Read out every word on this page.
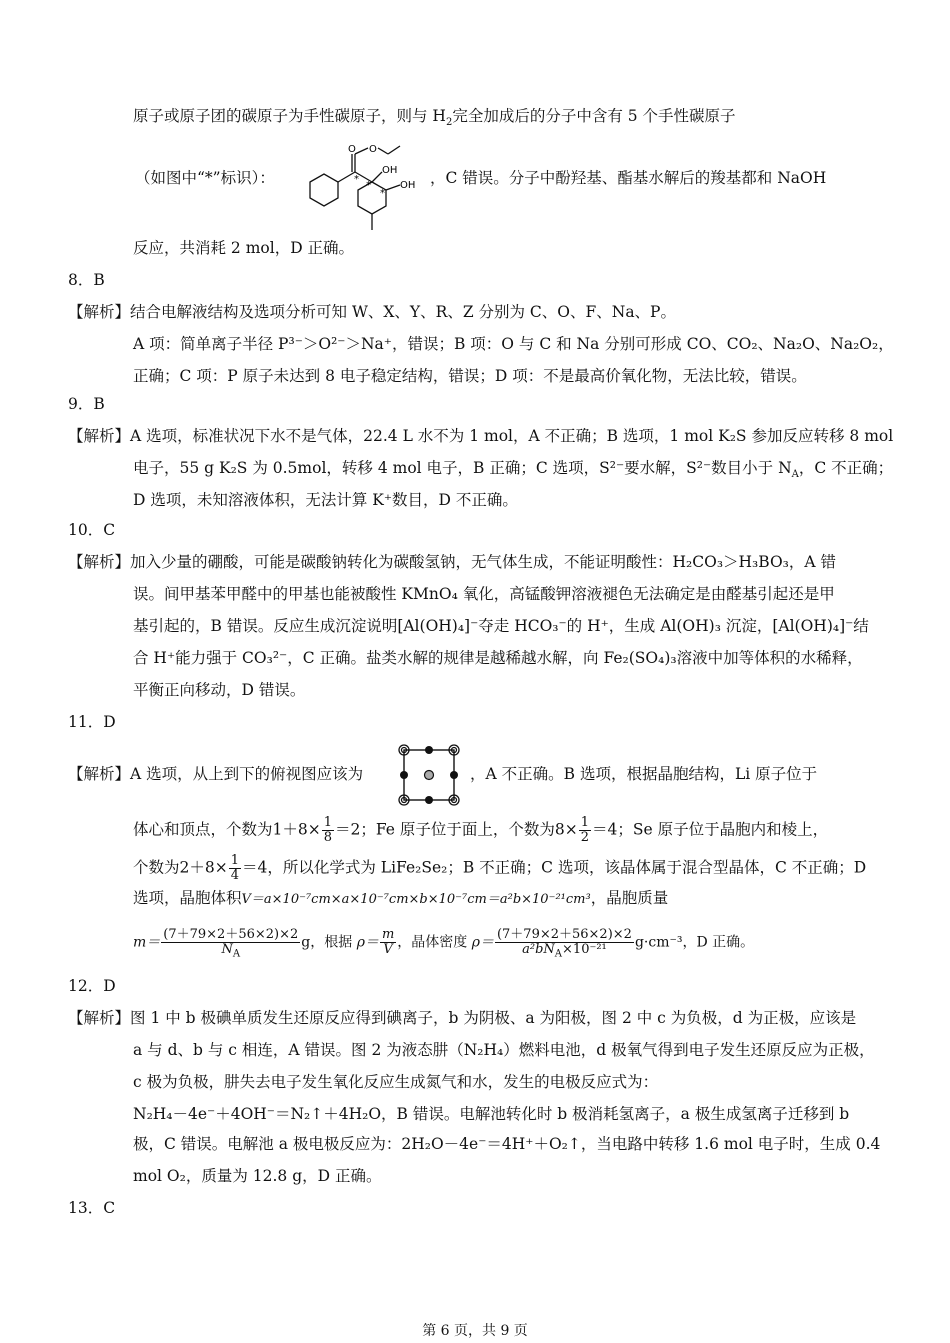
原子或原子团的碳原子为手性碳原子，则与 $H_2$完全加成后的分子中含有 5 个手性碳原子
（如图中“*”标识）：
O O
OH
OH
*
*
*
，C 错误。分子中酚羟基、酯基水解后的羧基都和 NaOH
反应，共消耗 2 mol，D 正确。
8．B
【解析】结合电解液结构及选项分析可知 W、X、Y、R、Z 分别为 C、O、F、Na、P。
A 项：简单离子半径 P³⁻＞O²⁻＞Na⁺，错误；B 项：O 与 C 和 Na 分别可形成 CO、CO₂、Na₂O、Na₂O₂，
正确；C 项：P 原子未达到 8 电子稳定结构，错误；D 项：不是最高价氧化物，无法比较，错误。
9．B
【解析】A 选项，标准状况下水不是气体，22.4 L 水不为 1 mol，A 不正确；B 选项，1 mol K₂S 参加反应转移 8 mol
电子，55 g K₂S 为 0.5mol，转移 4 mol 电子，B 正确；C 选项，S²⁻要水解，S²⁻数目小于 $N_A$，C 不正确；
D 选项，未知溶液体积，无法计算 K⁺数目，D 不正确。
10．C
【解析】加入少量的硼酸，可能是碳酸钠转化为碳酸氢钠，无气体生成，不能证明酸性：H₂CO₃＞H₃BO₃，A 错
误。间甲基苯甲醛中的甲基也能被酸性 KMnO₄ 氧化，高锰酸钾溶液褪色无法确定是由醛基引起还是甲
基引起的，B 错误。反应生成沉淀说明[Al(OH)₄]⁻夺走 HCO₃⁻的 H⁺，生成 Al(OH)₃ 沉淀，[Al(OH)₄]⁻结
合 H⁺能力强于 CO₃²⁻，C 正确。盐类水解的规律是越稀越水解，向 Fe₂(SO₄)₃溶液中加等体积的水稀释，
平衡正向移动，D 错误。
11．D
【解析】A 选项，从上到下的俯视图应该为	，A 不正确。B 选项，根据晶胞结构，Li 原子位于
体心和顶点，个数为$1+8\times \frac{1}{8} =2$；Fe 原子位于面上，个数为$8\times \frac{1}{2} =4$；Se 原子位于晶胞内和棱上，
个数为$2+8\times \frac{1}{4} =4$，所以化学式为 LiFe₂Se₂；B 不正确；C 选项，该晶体属于混合型晶体，C 不正确；D
选项，晶胞体积V＝a×10⁻⁷cm×a×10⁻⁷cm×b×10⁻⁷cm＝a²b×10⁻²¹cm³，晶胞质量
$m= \frac{(7+79\times 2+56\times 2)\times 2}{N_A}$ g，根据 $\rho= \frac{m}{V}$ ，晶体密度 $\rho= \frac{(7+79\times 2+56\times 2)\times 2}{a^2bN_A\times 10^{-21}} g\cdot cm^{-3}$，D 正确。
12．D
【解析】图 1 中 b 极碘单质发生还原反应得到碘离子，b 为阴极、a 为阳极，图 2 中 c 为负极，d 为正极，应该是
a 与 d、b 与 c 相连，A 错误。图 2 为液态肼（N₂H₄）燃料电池，d 极氧气得到电子发生还原反应为正极，
c 极为负极，肼失去电子发生氧化反应生成氮气和水，发生的电极反应式为：
N₂H₄－4e⁻＋4OH⁻＝N₂↑＋4H₂O，B 错误。电解池转化时 b 极消耗氢离子，a 极生成氢离子迁移到 b
极，C 错误。电解池 a 极电极反应为：2H₂O－4e⁻＝4H⁺＋O₂↑，当电路中转移 1.6 mol 电子时，生成 0.4
mol O₂，质量为 12.8 g，D 正确。
13．C
第 6 页，共 9 页
